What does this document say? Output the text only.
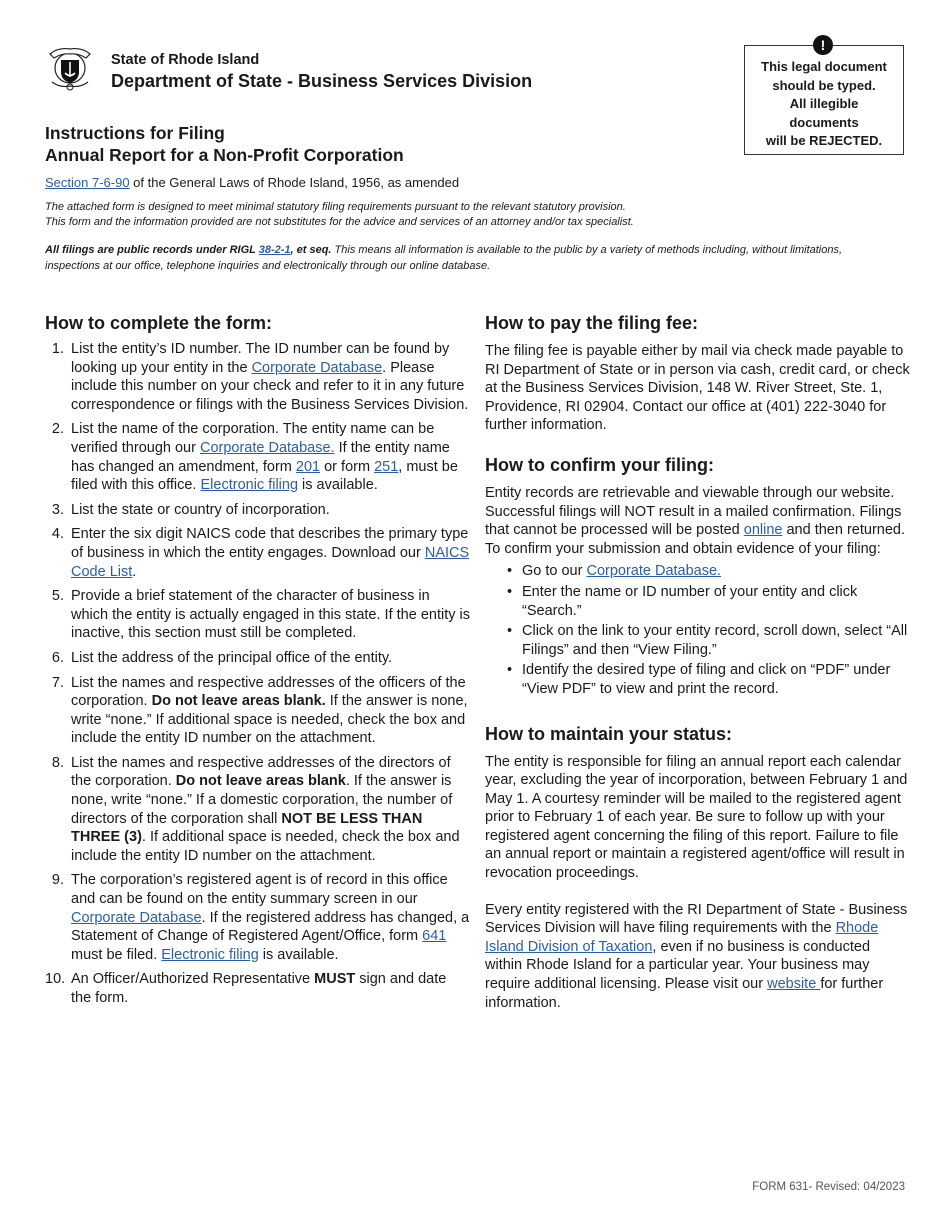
State of Rhode Island
Department of State - Business Services Division
!
This legal document
should be typed.
All illegible
documents
will be REJECTED.
Instructions for Filing
Annual Report for a Non-Profit Corporation
Section 7-6-90 of the General Laws of Rhode Island, 1956, as amended
The attached form is designed to meet minimal statutory filing requirements pursuant to the relevant statutory provision.
This form and the information provided are not substitutes for the advice and services of an attorney and/or tax specialist.
All filings are public records under RIGL 38-2-1, et seq. This means all information is available to the public by a variety of methods including, without limitations, inspections at our office, telephone inquiries and electronically through our online database.
How to complete the form:
1. List the entity’s ID number. The ID number can be found by looking up your entity in the Corporate Database. Please include this number on your check and refer to it in any future correspondence or filings with the Business Services Division.
2. List the name of the corporation. The entity name can be verified through our Corporate Database. If the entity name has changed an amendment, form 201 or form 251, must be filed with this office. Electronic filing is available.
3. List the state or country of incorporation.
4. Enter the six digit NAICS code that describes the primary type of business in which the entity engages. Download our NAICS Code List.
5. Provide a brief statement of the character of business in which the entity is actually engaged in this state. If the entity is inactive, this section must still be completed.
6. List the address of the principal office of the entity.
7. List the names and respective addresses of the officers of the corporation. Do not leave areas blank. If the answer is none, write “none.” If additional space is needed, check the box and include the entity ID number on the attachment.
8. List the names and respective addresses of the directors of the corporation. Do not leave areas blank. If the answer is none, write “none.” If a domestic corporation, the number of directors of the corporation shall NOT BE LESS THAN THREE (3). If additional space is needed, check the box and include the entity ID number on the attachment.
9. The corporation’s registered agent is of record in this office and can be found on the entity summary screen in our Corporate Database. If the registered address has changed, a Statement of Change of Registered Agent/Office, form 641 must be filed. Electronic filing is available.
10. An Officer/Authorized Representative MUST sign and date the form.
How to pay the filing fee:

The filing fee is payable either by mail via check made payable to RI Department of State or in person via cash, credit card, or check at the Business Services Division, 148 W. River Street, Ste. 1, Providence, RI 02904. Contact our office at (401) 222-3040 for further information.

How to confirm your filing:

Entity records are retrievable and viewable through our website. Successful filings will NOT result in a mailed confirmation. Filings that cannot be processed will be posted online and then returned. To confirm your submission and obtain evidence of your filing:

• Go to our Corporate Database.
• Enter the name or ID number of your entity and click “Search.”
• Click on the link to your entity record, scroll down, select “All Filings” and then “View Filing.”
• Identify the desired type of filing and click on “PDF” under “View PDF” to view and print the record.
How to maintain your status:

The entity is responsible for filing an annual report each calendar year, excluding the year of incorporation, between February 1 and May 1. A courtesy reminder will be mailed to the registered agent prior to February 1 of each year. Be sure to follow up with your registered agent concerning the filing of this report. Failure to file an annual report or maintain a registered agent/office will result in revocation proceedings.

Every entity registered with the RI Department of State - Business Services Division will have filing requirements with the Rhode Island Division of Taxation, even if no business is conducted within Rhode Island for a particular year. Your business may require additional licensing. Please visit our website for further information.

FORM 631- Revised: 04/2023
